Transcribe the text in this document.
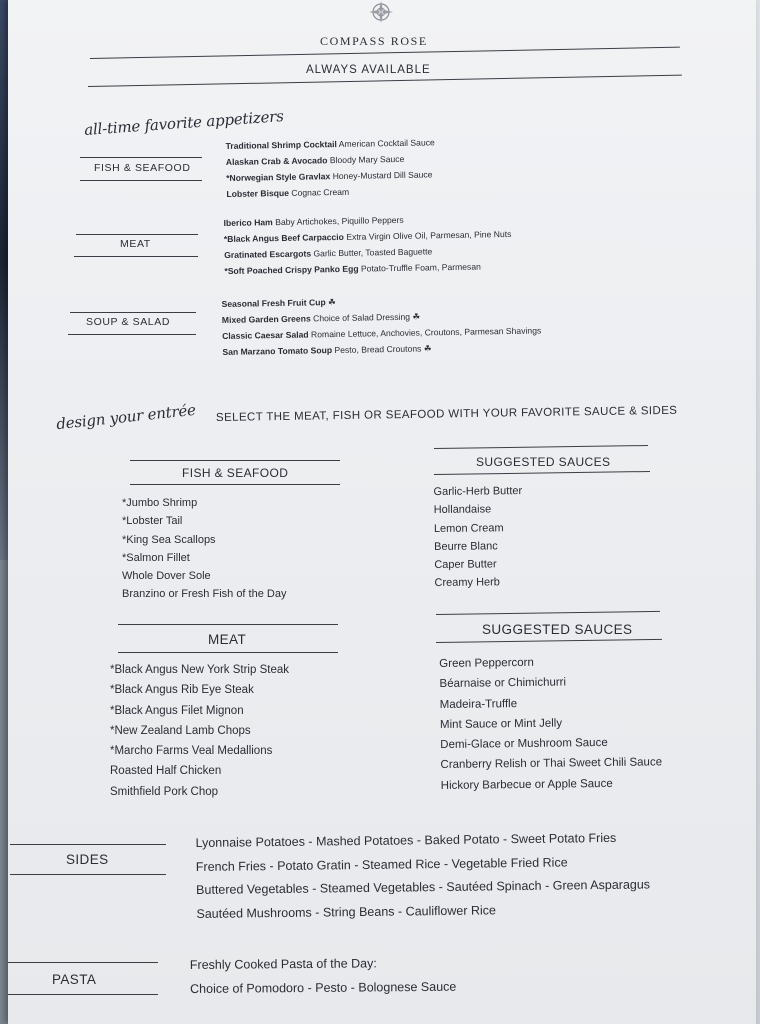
COMPASS ROSE
ALWAYS AVAILABLE
all-time favorite appetizers
FISH & SEAFOOD
Traditional Shrimp Cocktail American Cocktail Sauce
Alaskan Crab & Avocado Bloody Mary Sauce
*Norwegian Style Gravlax Honey-Mustard Dill Sauce
Lobster Bisque Cognac Cream
MEAT
Iberico Ham Baby Artichokes, Piquillo Peppers
*Black Angus Beef Carpaccio Extra Virgin Olive Oil, Parmesan, Pine Nuts
Gratinated Escargots Garlic Butter, Toasted Baguette
*Soft Poached Crispy Panko Egg Potato-Truffle Foam, Parmesan
SOUP & SALAD
Seasonal Fresh Fruit Cup ☘
Mixed Garden Greens Choice of Salad Dressing ☘
Classic Caesar Salad Romaine Lettuce, Anchovies, Croutons, Parmesan Shavings
San Marzano Tomato Soup Pesto, Bread Croutons ☘
design your entrée SELECT THE MEAT, FISH OR SEAFOOD WITH YOUR FAVORITE SAUCE & SIDES
FISH & SEAFOOD
*Jumbo Shrimp
*Lobster Tail
*King Sea Scallops
*Salmon Fillet
Whole Dover Sole
Branzino or Fresh Fish of the Day
SUGGESTED SAUCES
Garlic-Herb Butter
Hollandaise
Lemon Cream
Beurre Blanc
Caper Butter
Creamy Herb
MEAT
*Black Angus New York Strip Steak
*Black Angus Rib Eye Steak
*Black Angus Filet Mignon
*New Zealand Lamb Chops
*Marcho Farms Veal Medallions
Roasted Half Chicken
Smithfield Pork Chop
SUGGESTED SAUCES
Green Peppercorn
Béarnaise or Chimichurri
Madeira-Truffle
Mint Sauce or Mint Jelly
Demi-Glace or Mushroom Sauce
Cranberry Relish or Thai Sweet Chili Sauce
Hickory Barbecue or Apple Sauce
SIDES
Lyonnaise Potatoes - Mashed Potatoes - Baked Potato - Sweet Potato Fries
French Fries - Potato Gratin - Steamed Rice - Vegetable Fried Rice
Buttered Vegetables - Steamed Vegetables - Sautéed Spinach - Green Asparagus
Sautéed Mushrooms - String Beans - Cauliflower Rice
PASTA
Freshly Cooked Pasta of the Day:
Choice of Pomodoro - Pesto - Bolognese Sauce
